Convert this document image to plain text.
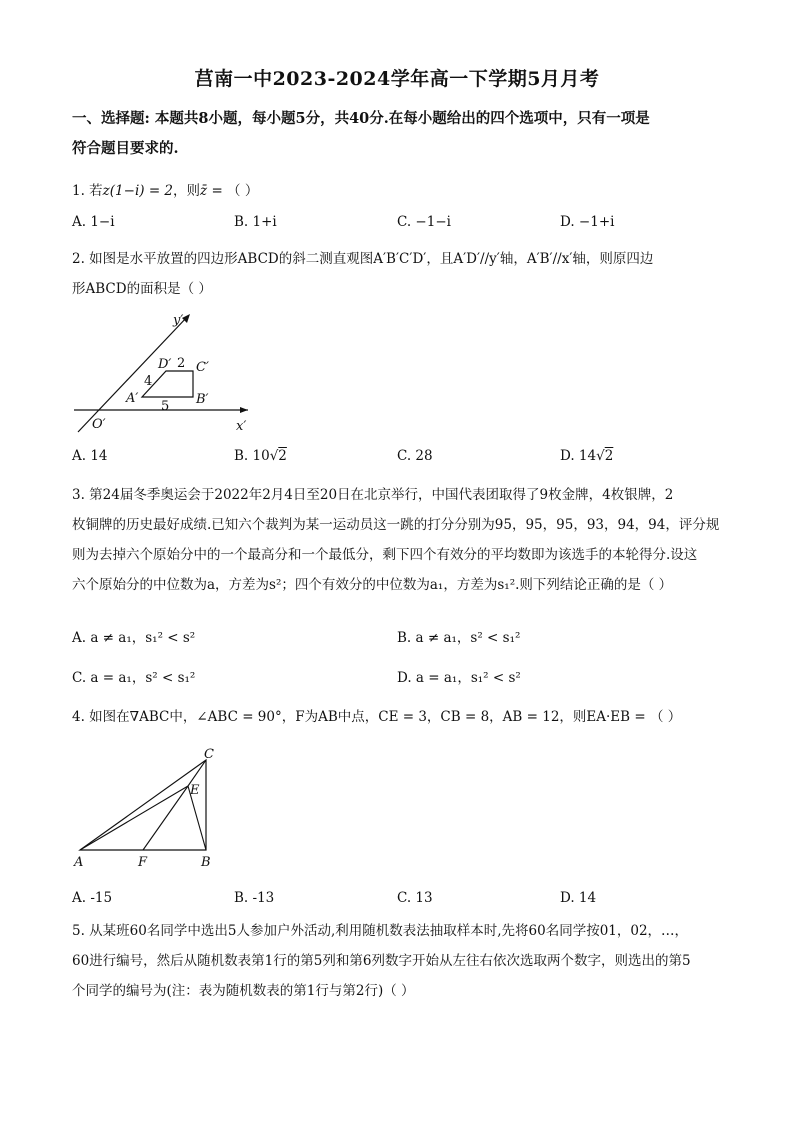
莒南一中2023-2024学年高一下学期5月月考
一、选择题: 本题共8小题，每小题5分，共40分.在每小题给出的四个选项中，只有一项是
符合题目要求的.
1. 若z(1−i) = 2，则z̄ = （ ）
A. 1−i	B. 1+i	C. −1−i	D. −1+i
2. 如图是水平放置的四边形ABCD的斜二测直观图A′B′C′D′，且A′D′//y′轴，A′B′//x′轴，则原四边
形ABCD的面积是（ ）
y′
x′
O′
A′	B′
C′
D′ 2
4
5
A. 14	B. 10√2	C. 28	D. 14√2
3. 第24届冬季奥运会于2022年2月4日至20日在北京举行，中国代表团取得了9枚金牌，4枚银牌，2
枚铜牌的历史最好成绩.已知六个裁判为某一运动员这一跳的打分分别为95，95，95，93，94，94，评分规
则为去掉六个原始分中的一个最高分和一个最低分，剩下四个有效分的平均数即为该选手的本轮得分.设这
六个原始分的中位数为a，方差为s²；四个有效分的中位数为a₁，方差为s₁².则下列结论正确的是（ ）
A. a ≠ a₁，s₁² < s²	B. a ≠ a₁，s² < s₁²
C. a = a₁，s² < s₁²	D. a = a₁，s₁² < s²
4. 如图在∇ABC中，∠ABC = 90°，F为AB中点，CE = 3，CB = 8，AB = 12，则EA·EB = （ ）
C
E
A	F	B
A. -15	B. -13	C. 13	D. 14
5. 从某班60名同学中选出5人参加户外活动,利用随机数表法抽取样本时,先将60名同学按01，02，…，
60进行编号，然后从随机数表第1行的第5列和第6列数字开始从左往右依次选取两个数字，则选出的第5
个同学的编号为(注：表为随机数表的第1行与第2行)（ ）
